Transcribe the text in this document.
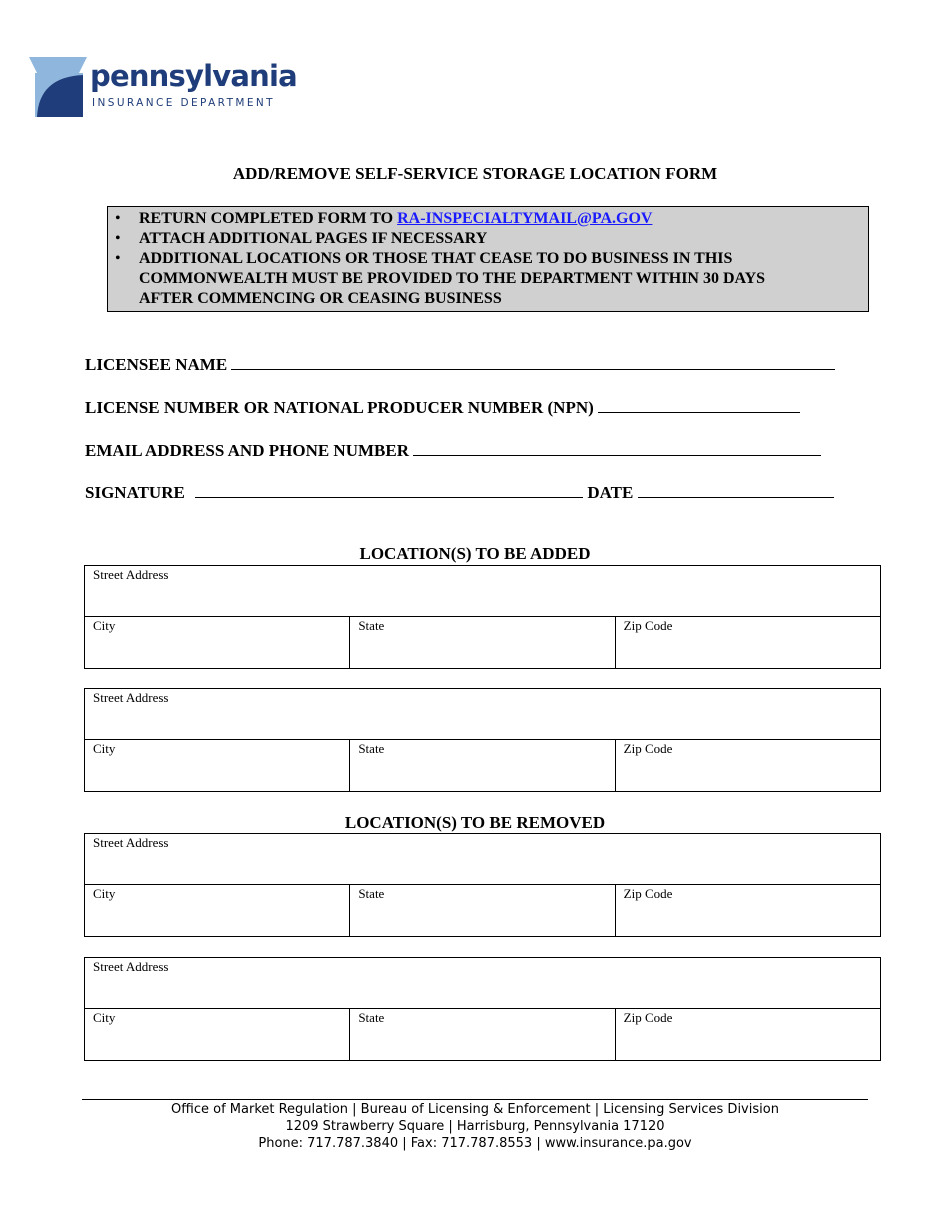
pennsylvania
INSURANCE DEPARTMENT
ADD/REMOVE SELF-SERVICE STORAGE LOCATION FORM
• RETURN COMPLETED FORM TO RA-INSPECIALTYMAIL@PA.GOV
• ATTACH ADDITIONAL PAGES IF NECESSARY
• ADDITIONAL LOCATIONS OR THOSE THAT CEASE TO DO BUSINESS IN THIS
COMMONWEALTH MUST BE PROVIDED TO THE DEPARTMENT WITHIN 30 DAYS
AFTER COMMENCING OR CEASING BUSINESS
LICENSEE NAME
LICENSE NUMBER OR NATIONAL PRODUCER NUMBER (NPN)
EMAIL ADDRESS AND PHONE NUMBER
SIGNATURE	DATE
LOCATION(S) TO BE ADDED
Street Address
City	State	Zip Code
Street Address
City	State	Zip Code
LOCATION(S) TO BE REMOVED
Street Address
City	State	Zip Code
Street Address
City	State	Zip Code
Office of Market Regulation | Bureau of Licensing & Enforcement | Licensing Services Division
1209 Strawberry Square | Harrisburg, Pennsylvania 17120
Phone: 717.787.3840 | Fax: 717.787.8553 | www.insurance.pa.gov
